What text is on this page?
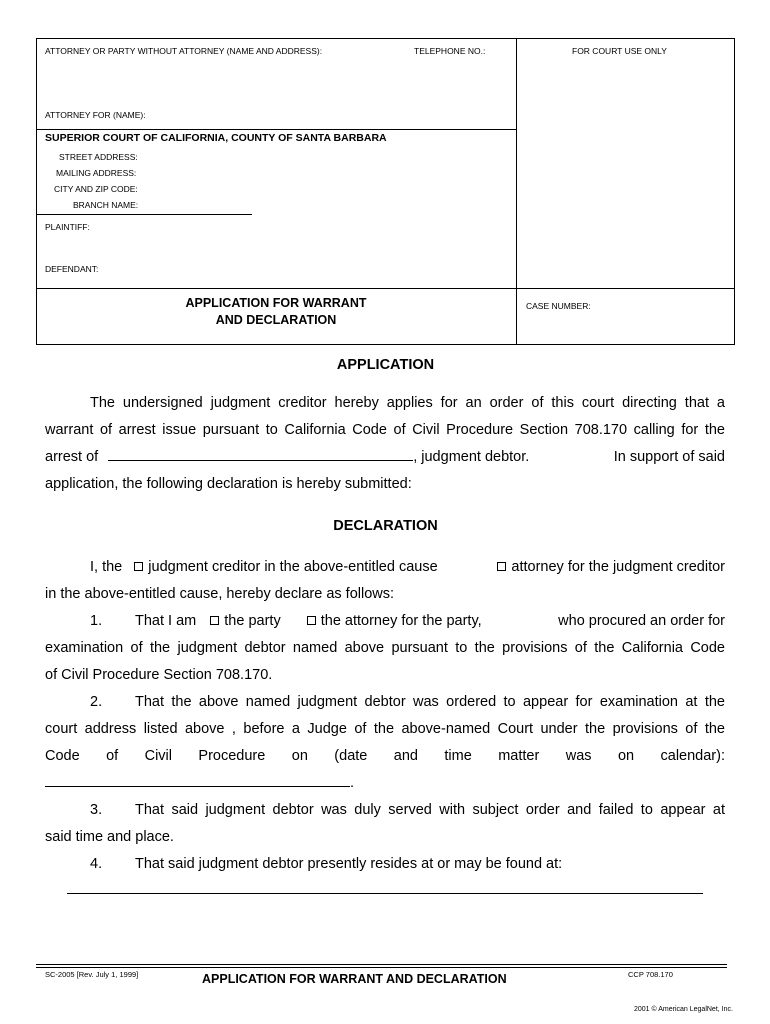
ATTORNEY OR PARTY WITHOUT ATTORNEY (NAME AND ADDRESS):	TELEPHONE NO.:	FOR COURT USE ONLY
ATTORNEY FOR (NAME):
SUPERIOR COURT OF CALIFORNIA, COUNTY OF SANTA BARBARA
STREET ADDRESS:
MAILING ADDRESS:
CITY AND ZIP CODE:
BRANCH NAME:
PLAINTIFF:
DEFENDANT:
APPLICATION FOR WARRANT
AND DECLARATION
CASE NUMBER:
APPLICATION
The undersigned judgment creditor hereby applies for an order of this court directing that a
warrant of arrest issue pursuant to California Code of Civil Procedure Section 708.170 calling for the
arrest of	, judgment debtor.	In support of said
application, the following declaration is hereby submitted:
DECLARATION
I, the judgment creditor in the above-entitled cause	attorney for the judgment creditor
in the above-entitled cause, hereby declare as follows:
1. That I am the party	the attorney for the party,	who procured an order for
examination of the judgment debtor named above pursuant to the provisions of the California Code
of Civil Procedure Section 708.170.
2. That the above named judgment debtor was ordered to appear for examination at the
court address listed above , before a Judge of the above-named Court under the provisions of the
Code of Civil Procedure on (date and time matter was on calendar):
.
3. That said judgment debtor was duly served with subject order and failed to appear at
said time and place.
4. That said judgment debtor presently resides at or may be found at:
SC-2005 [Rev. July 1, 1999]	APPLICATION FOR WARRANT AND DECLARATION	CCP 708.170
2001 © American LegalNet, Inc.
